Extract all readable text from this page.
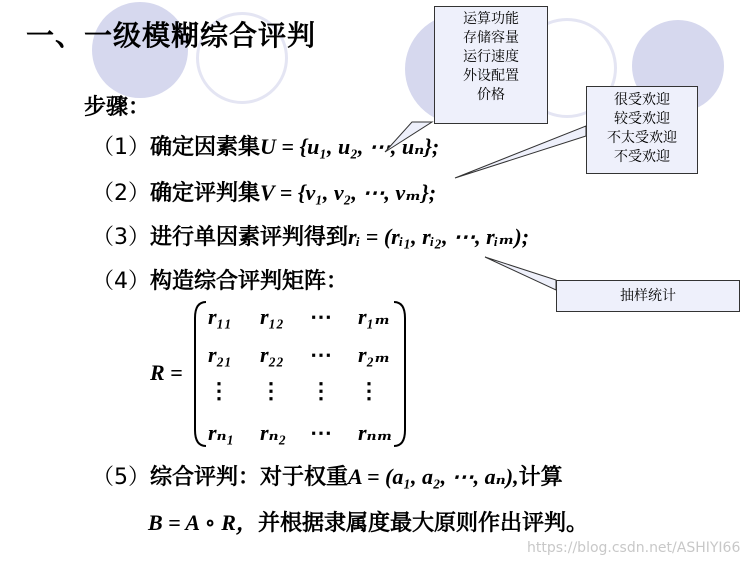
一、一级模糊综合评判
步骤：
（1）确定因素集U = {u₁, u₂, ⋯, uₙ};
（2）确定评判集V = {v₁, v₂, ⋯, vₘ};
（3）进行单因素评判得到rᵢ = (rᵢ₁, rᵢ₂, ⋯, rᵢₘ);
（4）构造综合评判矩阵：
R =
r₁₁ r₁₂ ⋯ r₁ₘ
r₂₁ r₂₂ ⋯ r₂ₘ
⋮ ⋮ ⋮ ⋮
rₙ₁ rₙ₂ ⋯ rₙₘ
（5）综合评判：对于权重A = (a₁, a₂, ⋯, aₙ),计算
B = A ∘ R，并根据隶属度最大原则作出评判。
运算功能
存储容量
运行速度
外设配置
价格	很受欢迎
较受欢迎
不太受欢迎
不受欢迎
抽样统计
https://blog.csdn.net/ASHIYI66
